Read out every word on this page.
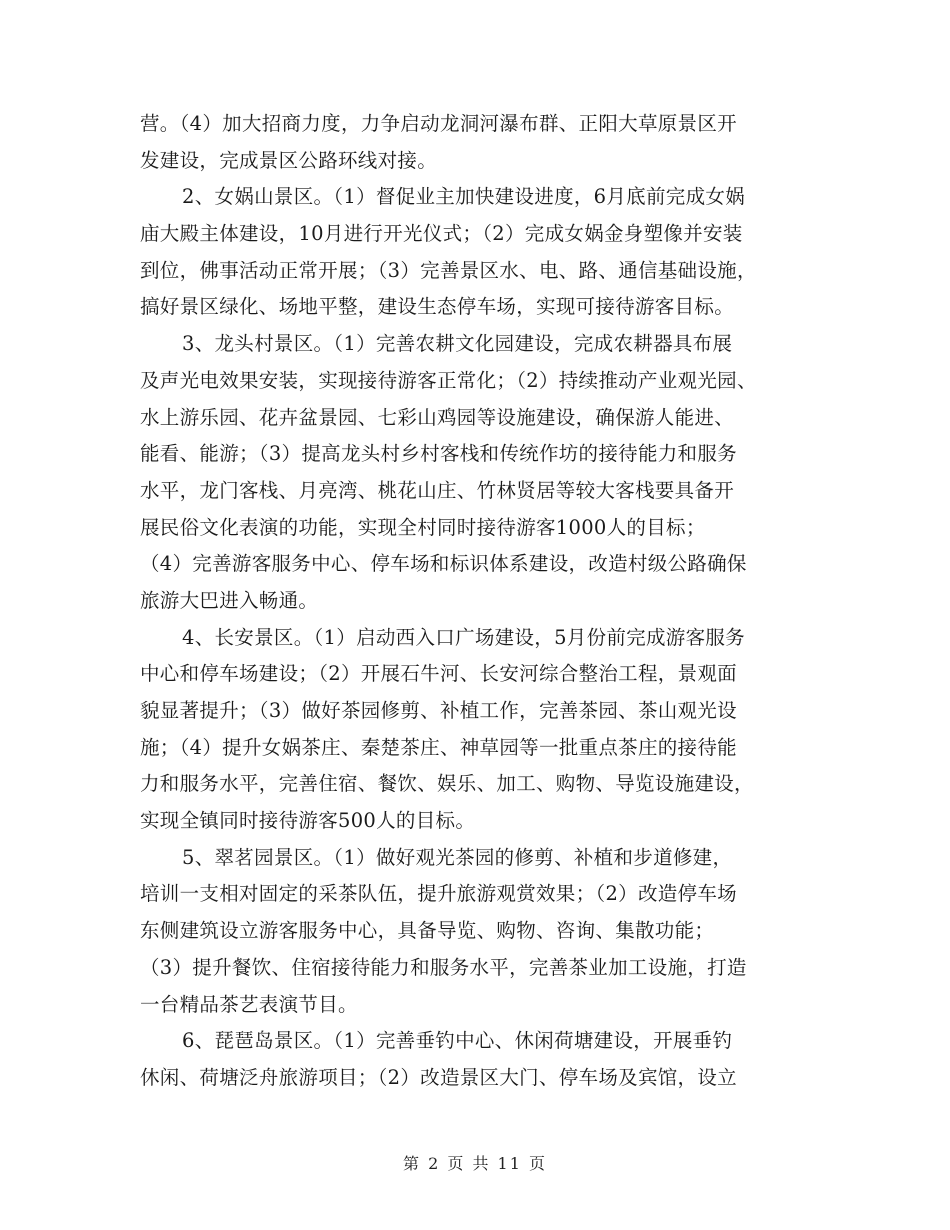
营。（4）加大招商力度，力争启动龙洞河瀑布群、正阳大草原景区开
发建设，完成景区公路环线对接。
2、女娲山景区。（1）督促业主加快建设进度，6月底前完成女娲
庙大殿主体建设，10月进行开光仪式；（2）完成女娲金身塑像并安装
到位，佛事活动正常开展；（3）完善景区水、电、路、通信基础设施，
搞好景区绿化、场地平整，建设生态停车场，实现可接待游客目标。
3、龙头村景区。（1）完善农耕文化园建设，完成农耕器具布展
及声光电效果安装，实现接待游客正常化；（2）持续推动产业观光园、
水上游乐园、花卉盆景园、七彩山鸡园等设施建设，确保游人能进、
能看、能游；（3）提高龙头村乡村客栈和传统作坊的接待能力和服务
水平，龙门客栈、月亮湾、桃花山庄、竹林贤居等较大客栈要具备开
展民俗文化表演的功能，实现全村同时接待游客1000人的目标；
（4）完善游客服务中心、停车场和标识体系建设，改造村级公路确保
旅游大巴进入畅通。
4、长安景区。（1）启动西入口广场建设，5月份前完成游客服务
中心和停车场建设；（2）开展石牛河、长安河综合整治工程，景观面
貌显著提升；（3）做好茶园修剪、补植工作，完善茶园、茶山观光设
施；（4）提升女娲茶庄、秦楚茶庄、神草园等一批重点茶庄的接待能
力和服务水平，完善住宿、餐饮、娱乐、加工、购物、导览设施建设，
实现全镇同时接待游客500人的目标。
5、翠茗园景区。（1）做好观光茶园的修剪、补植和步道修建，
培训一支相对固定的采茶队伍，提升旅游观赏效果；（2）改造停车场
东侧建筑设立游客服务中心，具备导览、购物、咨询、集散功能；
（3）提升餐饮、住宿接待能力和服务水平，完善茶业加工设施，打造
一台精品茶艺表演节目。
6、琵琶岛景区。（1）完善垂钓中心、休闲荷塘建设，开展垂钓
休闲、荷塘泛舟旅游项目；（2）改造景区大门、停车场及宾馆，设立
第 2 页 共 11 页
